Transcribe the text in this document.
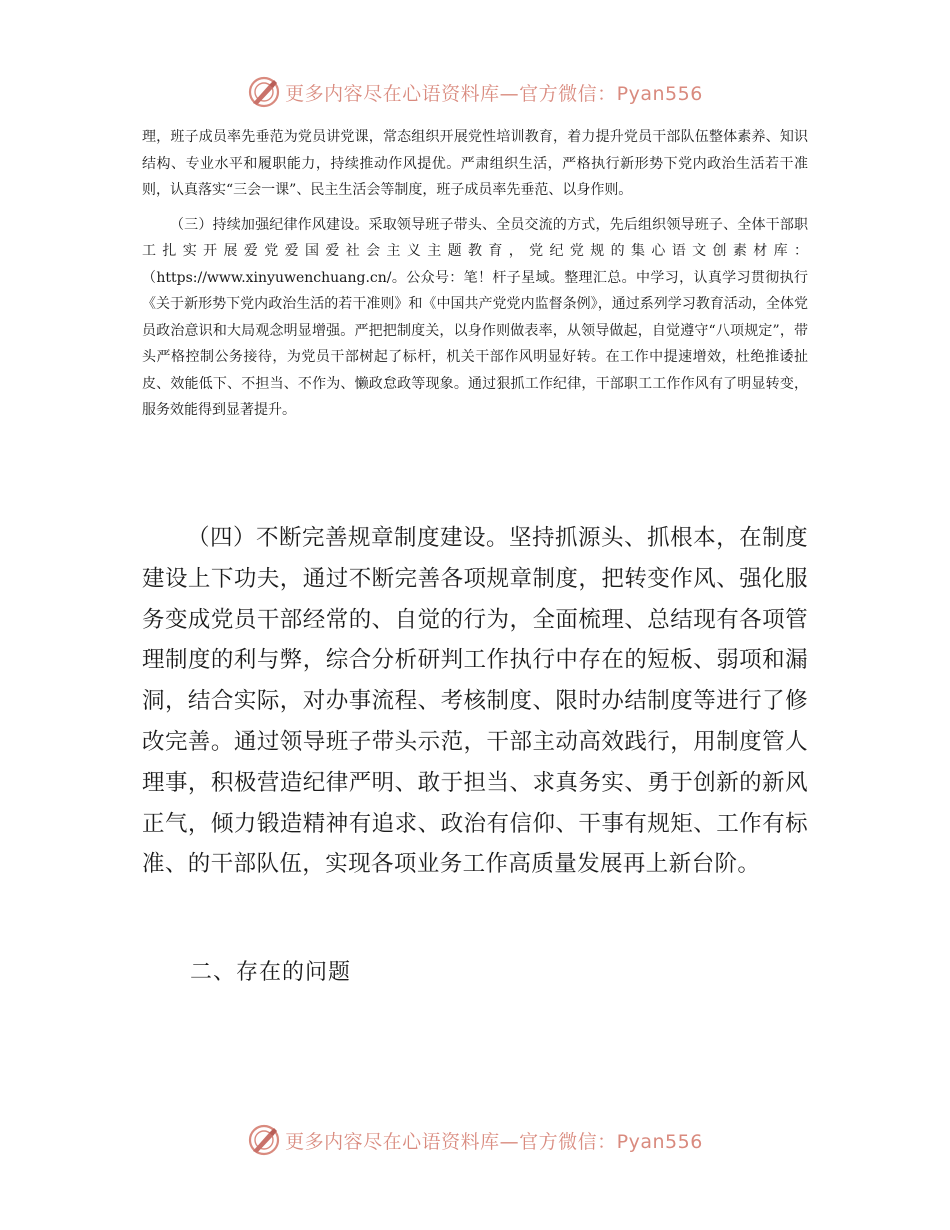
更多内容尽在心语资料库—官方微信：Pyan556

理，班子成员率先垂范为党员讲党课，常态组织开展党性培训教育，着力提升党员干部队伍整体素养、知识结构、专业水平和履职能力，持续推动作风提优。严肃组织生活，严格执行新形势下党内政治生活若干准则，认真落实“三会一课”、民主生活会等制度，班子成员率先垂范、以身作则。

（三）持续加强纪律作风建设。采取领导班子带头、全员交流的方式，先后组织领导班子、全体干部职工扎实开展爱党爱国爱社会主义主题教育，党纪党规的集心语文创素材库：（https://www.xinyuwenchuang.cn/。公众号：笔！杆子星域。整理汇总。中学习，认真学习贯彻执行《关于新形势下党内政治生活的若干准则》和《中国共产党党内监督条例》，通过系列学习教育活动，全体党员政治意识和大局观念明显增强。严把把制度关，以身作则做表率，从领导做起，自觉遵守“八项规定”，带头严格控制公务接待，为党员干部树起了标杆，机关干部作风明显好转。在工作中提速增效，杜绝推诿扯皮、效能低下、不担当、不作为、懒政怠政等现象。通过狠抓工作纪律，干部职工工作作风有了明显转变，服务效能得到显著提升。

（四）不断完善规章制度建设。坚持抓源头、抓根本，在制度建设上下功夫，通过不断完善各项规章制度，把转变作风、强化服务变成党员干部经常的、自觉的行为，全面梳理、总结现有各项管理制度的利与弊，综合分析研判工作执行中存在的短板、弱项和漏洞，结合实际，对办事流程、考核制度、限时办结制度等进行了修改完善。通过领导班子带头示范，干部主动高效践行，用制度管人理事，积极营造纪律严明、敢于担当、求真务实、勇于创新的新风正气，倾力锻造精神有追求、政治有信仰、干事有规矩、工作有标准、的干部队伍，实现各项业务工作高质量发展再上新台阶。

二、存在的问题
更多内容尽在心语资料库—官方微信：Pyan556
